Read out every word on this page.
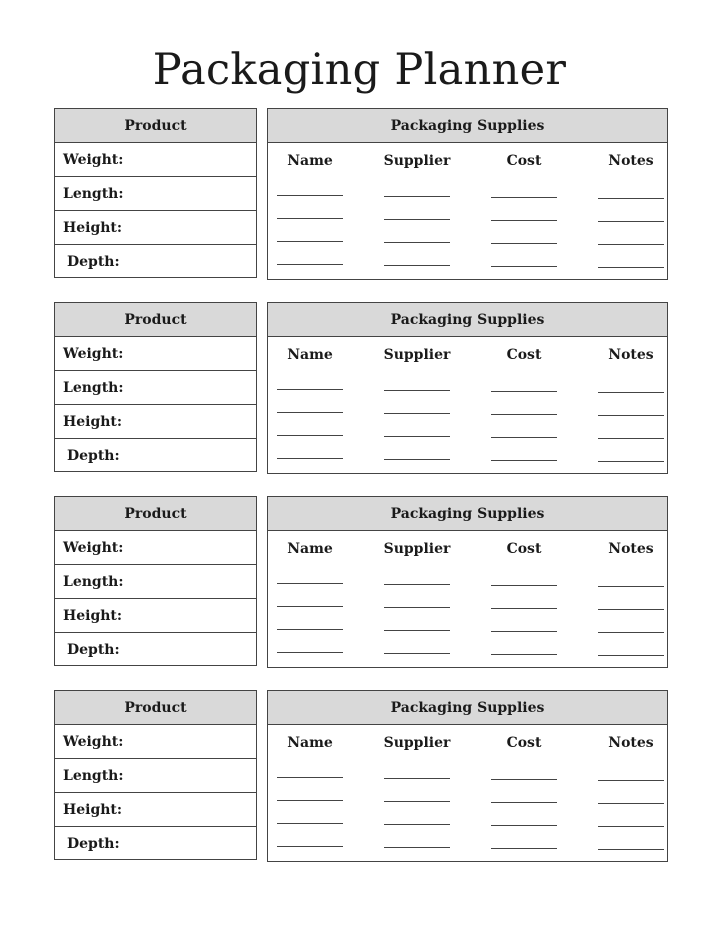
Packaging Planner
Product
Weight:
Length:
Height:
Depth:
Packaging Supplies
Name	Supplier	Cost	Notes
Product
Weight:
Length:
Height:
Depth:
Packaging Supplies
Name	Supplier	Cost	Notes
Product
Weight:
Length:
Height:
Depth:
Packaging Supplies
Name	Supplier	Cost	Notes
Product
Weight:
Length:
Height:
Depth:
Packaging Supplies
Name	Supplier	Cost	Notes
